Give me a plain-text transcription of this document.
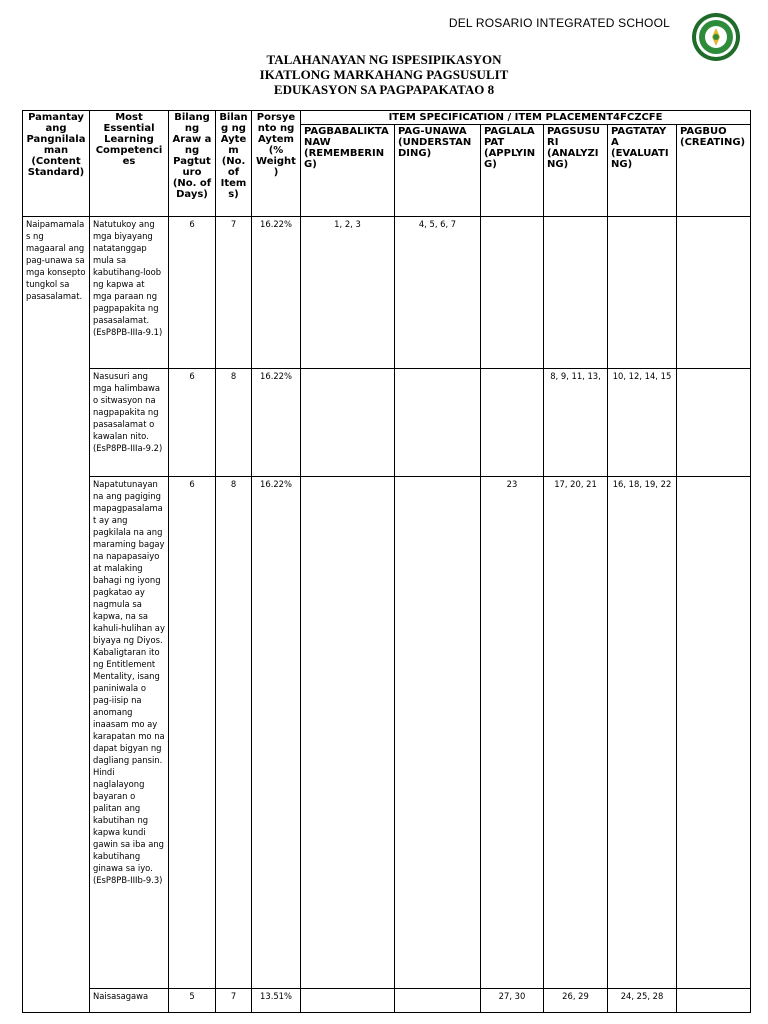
DEL ROSARIO INTEGRATED SCHOOL
TALAHANAYAN NG ISPESIPIKASYON
IKATLONG MARKAHANG PAGSUSULIT
EDUKASYON SA PAGPAPAKATAO 8
Pamantayang Pangnilalaman (Content Standard)	Most Essential Learning Competencies	Bilang ng Araw a ng Pagtuturo (No. of Days)	Bilang ng Aytem (No. of Items)	Porsyento ng Aytem (% Weight)	ITEM SPECIFICATION / ITEM PLACEMENT4FCZCFE					
					PAGBABALIKTANAW (REMEMBERING)	PAG-UNAWA (UNDERSTANDING)	PAGLALAPAT (APPLYING)	PAGSUSURI (ANALYZING)	PAGTATAYA (EVALUATING)	PAGBUO (CREATING)
Naipamamalas ng magaaral ang pag-unawa sa mga konsepto tungkol sa pasasalamat.	Natutukoy ang mga biyayang natatanggap mula sa kabutihang-loob ng kapwa at mga paraan ng pagpapakita ng pasasalamat. (EsP8PB-IIIa-9.1)	6	7	16.22%	1, 2, 3	4, 5, 6, 7				
	Nasusuri ang mga halimbawa o sitwasyon na nagpapakita ng pasasalamat o kawalan nito. (EsP8PB-IIIa-9.2)	6	8	16.22%				8, 9, 11, 13,	10, 12, 14, 15	
	Napatutunayan na ang pagiging mapagpasalamat ay ang pagkilala na ang maraming bagay na napapasaiyo at malaking bahagi ng iyong pagkatao ay nagmula sa kapwa, na sa kahuli-hulihan ay biyaya ng Diyos. Kabaligtaran ito ng Entitlement Mentality, isang paniniwala o pag-iisip na anomang inaasam mo ay karapatan mo na dapat bigyan ng dagliang pansin. Hindi naglalayong bayaran o palitan ang kabutihan ng kapwa kundi gawin sa iba ang kabutihang ginawa sa iyo. (EsP8PB-IIIb-9.3)	6	8	16.22%			23	17, 20, 21	16, 18, 19, 22	
	Naisasagawa	5	7	13.51%			27, 30	26, 29	24, 25, 28	
